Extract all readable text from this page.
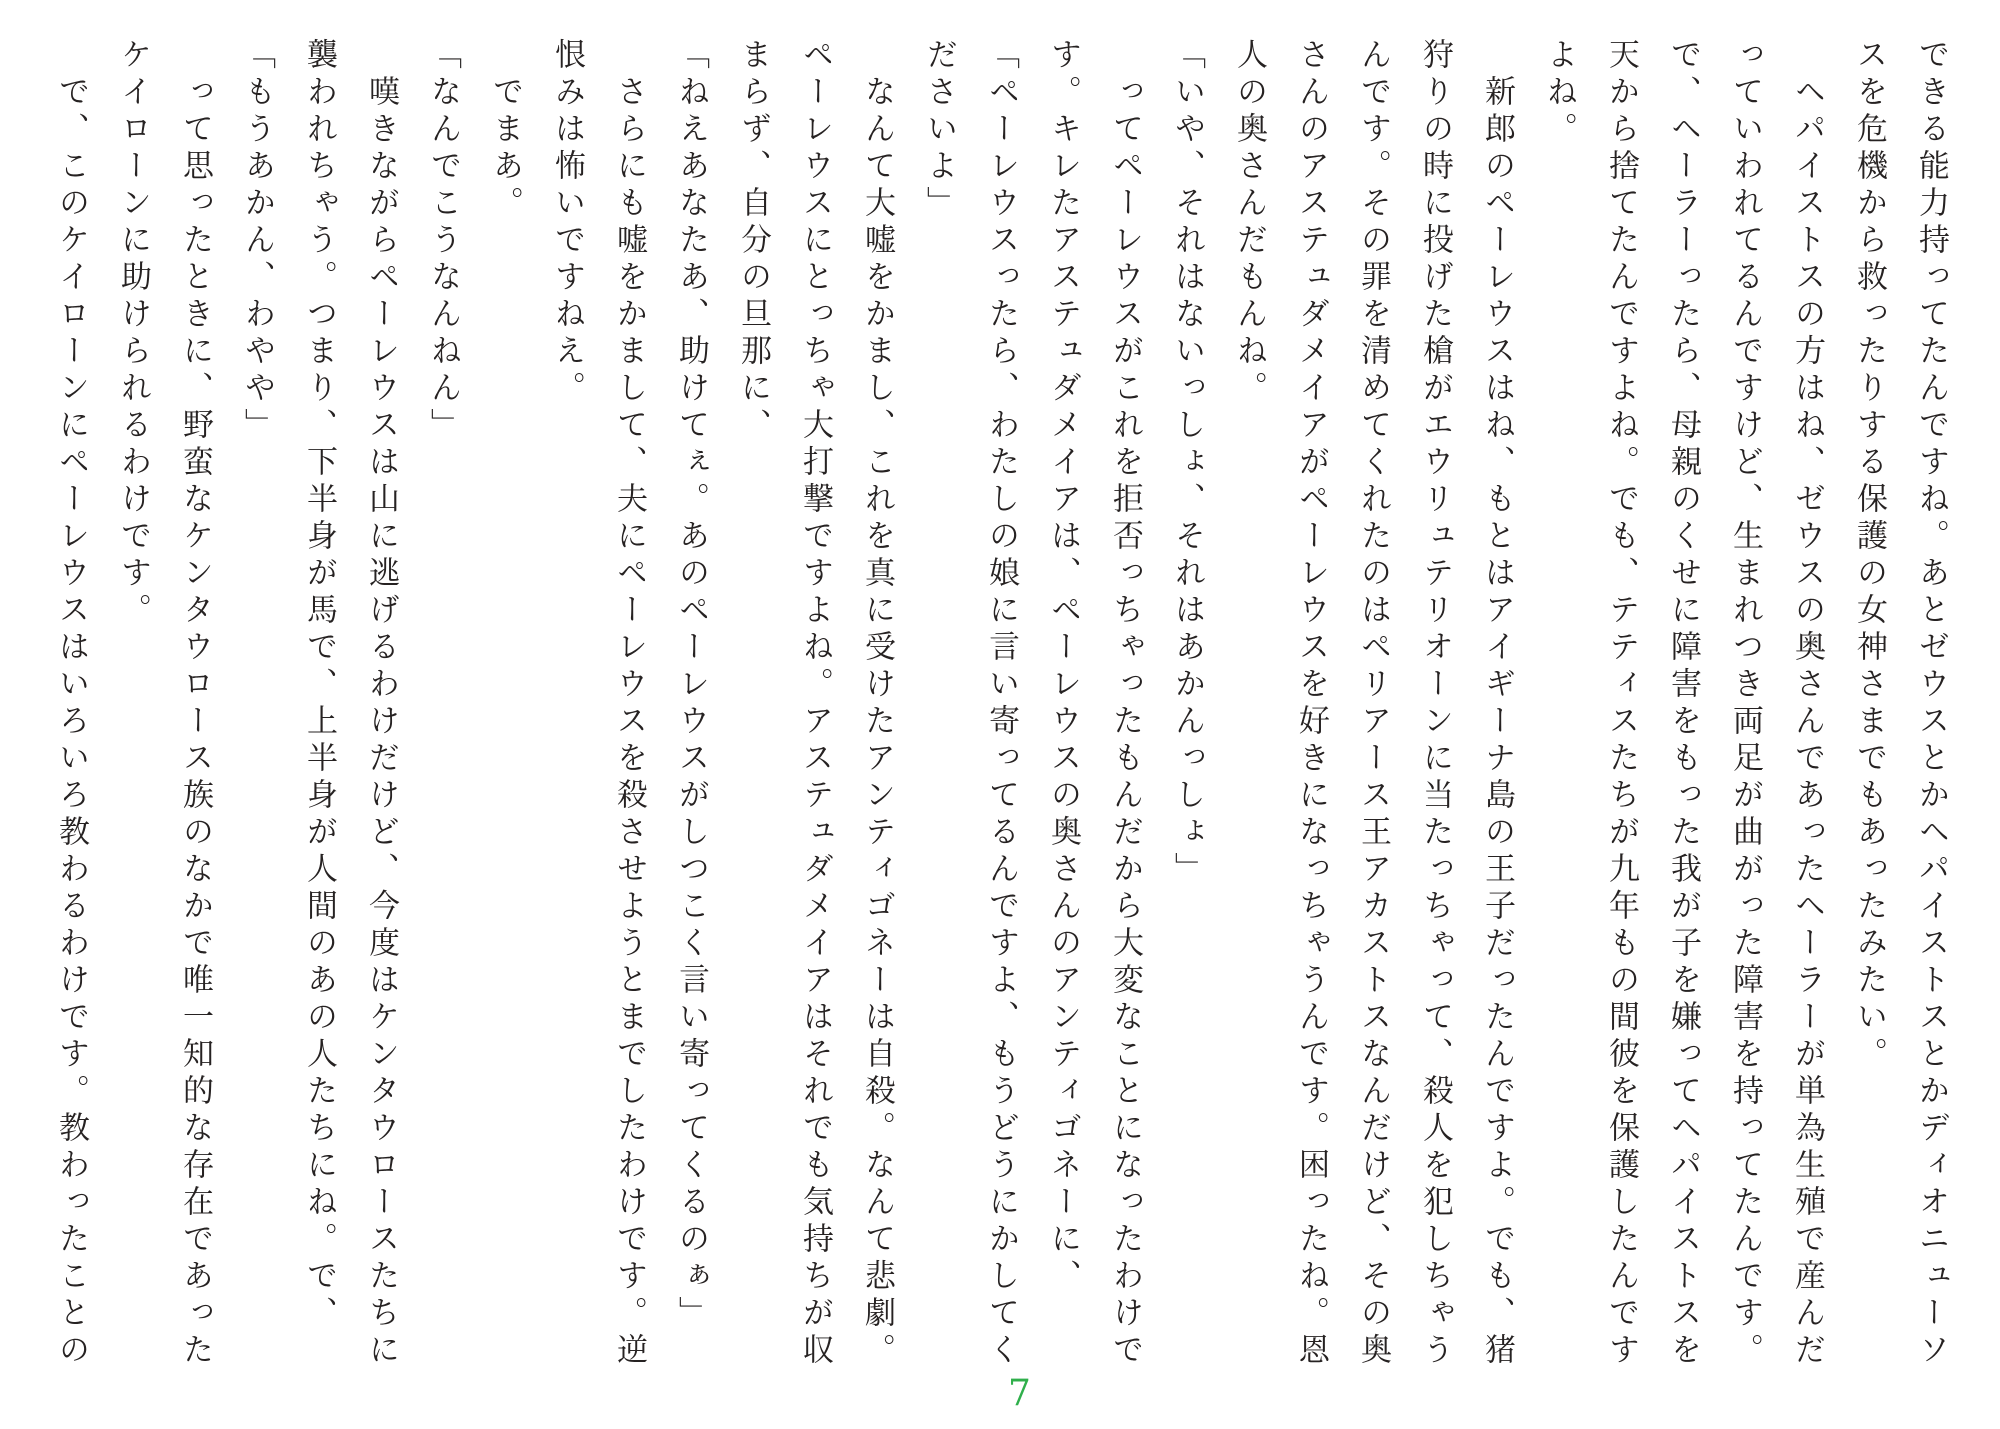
できる能力持ってたんですね。あとゼウスとかヘパイストスとかディオニューソ
スを危機から救ったりする保護の女神さまでもあったみたい。
　ヘパイストスの方はね、ゼウスの奥さんであったヘーラーが単為生殖で産んだ
っていわれてるんですけど、生まれつき両足が曲がった障害を持ってたんです。
で、ヘーラーったら、母親のくせに障害をもった我が子を嫌ってヘパイストスを
天から捨てたんですよね。でも、テティスたちが九年もの間彼を保護したんです
よね。
　新郎のペーレウスはね、もとはアイギーナ島の王子だったんですよ。でも、猪
狩りの時に投げた槍がエウリュテリオーンに当たっちゃって、殺人を犯しちゃう
んです。その罪を清めてくれたのはペリアース王アカストスなんだけど、その奥
さんのアステュダメイアがペーレウスを好きになっちゃうんです。困ったね。恩
人の奥さんだもんね。
「いや、それはないっしょ、それはあかんっしょ」
　ってペーレウスがこれを拒否っちゃったもんだから大変なことになったわけで
す。キレたアステュダメイアは、ペーレウスの奥さんのアンティゴネーに、
「ペーレウスったら、わたしの娘に言い寄ってるんですよ、もうどうにかしてく
ださいよ」
　なんて大嘘をかまし、これを真に受けたアンティゴネーは自殺。なんて悲劇。
ペーレウスにとっちゃ大打撃ですよね。アステュダメイアはそれでも気持ちが収
まらず、自分の旦那に、
「ねえあなたあ、助けてぇ。あのペーレウスがしつこく言い寄ってくるのぁ」
　さらにも嘘をかまして、夫にペーレウスを殺させようとまでしたわけです。逆
恨みは怖いですねえ。
　でまあ。
「なんでこうなんねん」
　嘆きながらペーレウスは山に逃げるわけだけど、今度はケンタウロースたちに
襲われちゃう。つまり、下半身が馬で、上半身が人間のあの人たちにね。で、
「もうあかん、わやや」
　って思ったときに、野蛮なケンタウロース族のなかで唯一知的な存在であった
ケイローンに助けられるわけです。
　で、このケイローンにペーレウスはいろいろ教わるわけです。教わったことの
7
